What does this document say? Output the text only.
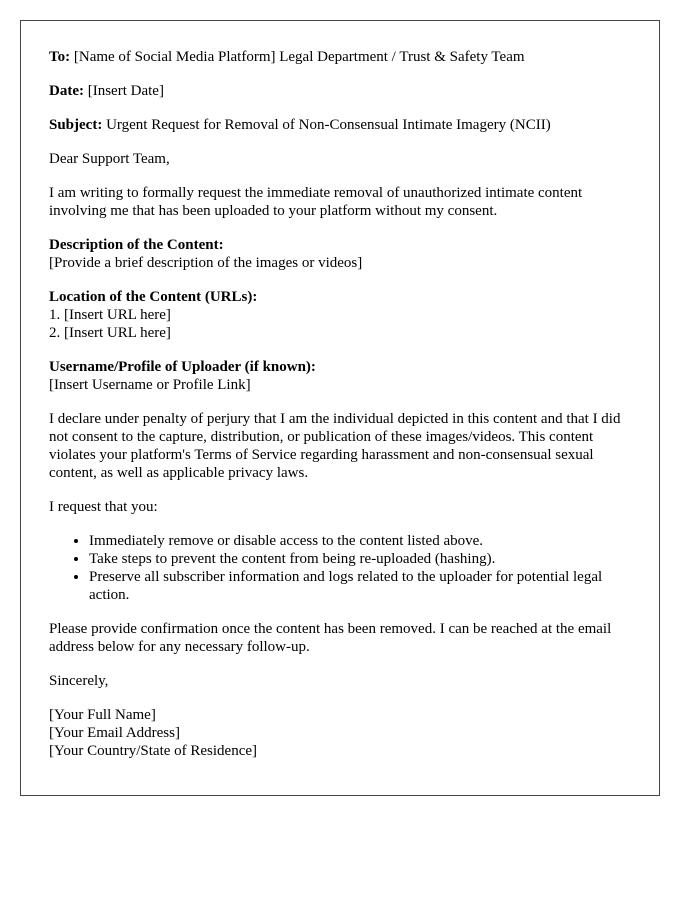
To: [Name of Social Media Platform] Legal Department / Trust & Safety Team

Date: [Insert Date]

Subject: Urgent Request for Removal of Non-Consensual Intimate Imagery (NCII)

Dear Support Team,

I am writing to formally request the immediate removal of unauthorized intimate content involving me that has been uploaded to your platform without my consent.

Description of the Content:
[Provide a brief description of the images or videos]
Location of the Content (URLs):
1. [Insert URL here]
2. [Insert URL here]
Username/Profile of Uploader (if known):
[Insert Username or Profile Link]

I declare under penalty of perjury that I am the individual depicted in this content and that I did not consent to the capture, distribution, or publication of these images/videos. This content violates your platform's Terms of Service regarding harassment and non-consensual sexual content, as well as applicable privacy laws.

I request that you:

• Immediately remove or disable access to the content listed above.
• Take steps to prevent the content from being re-uploaded (hashing).
• Preserve all subscriber information and logs related to the uploader for potential legal action.

Please provide confirmation once the content has been removed. I can be reached at the email address below for any necessary follow-up.

Sincerely,

[Your Full Name]
[Your Email Address]
[Your Country/State of Residence]
